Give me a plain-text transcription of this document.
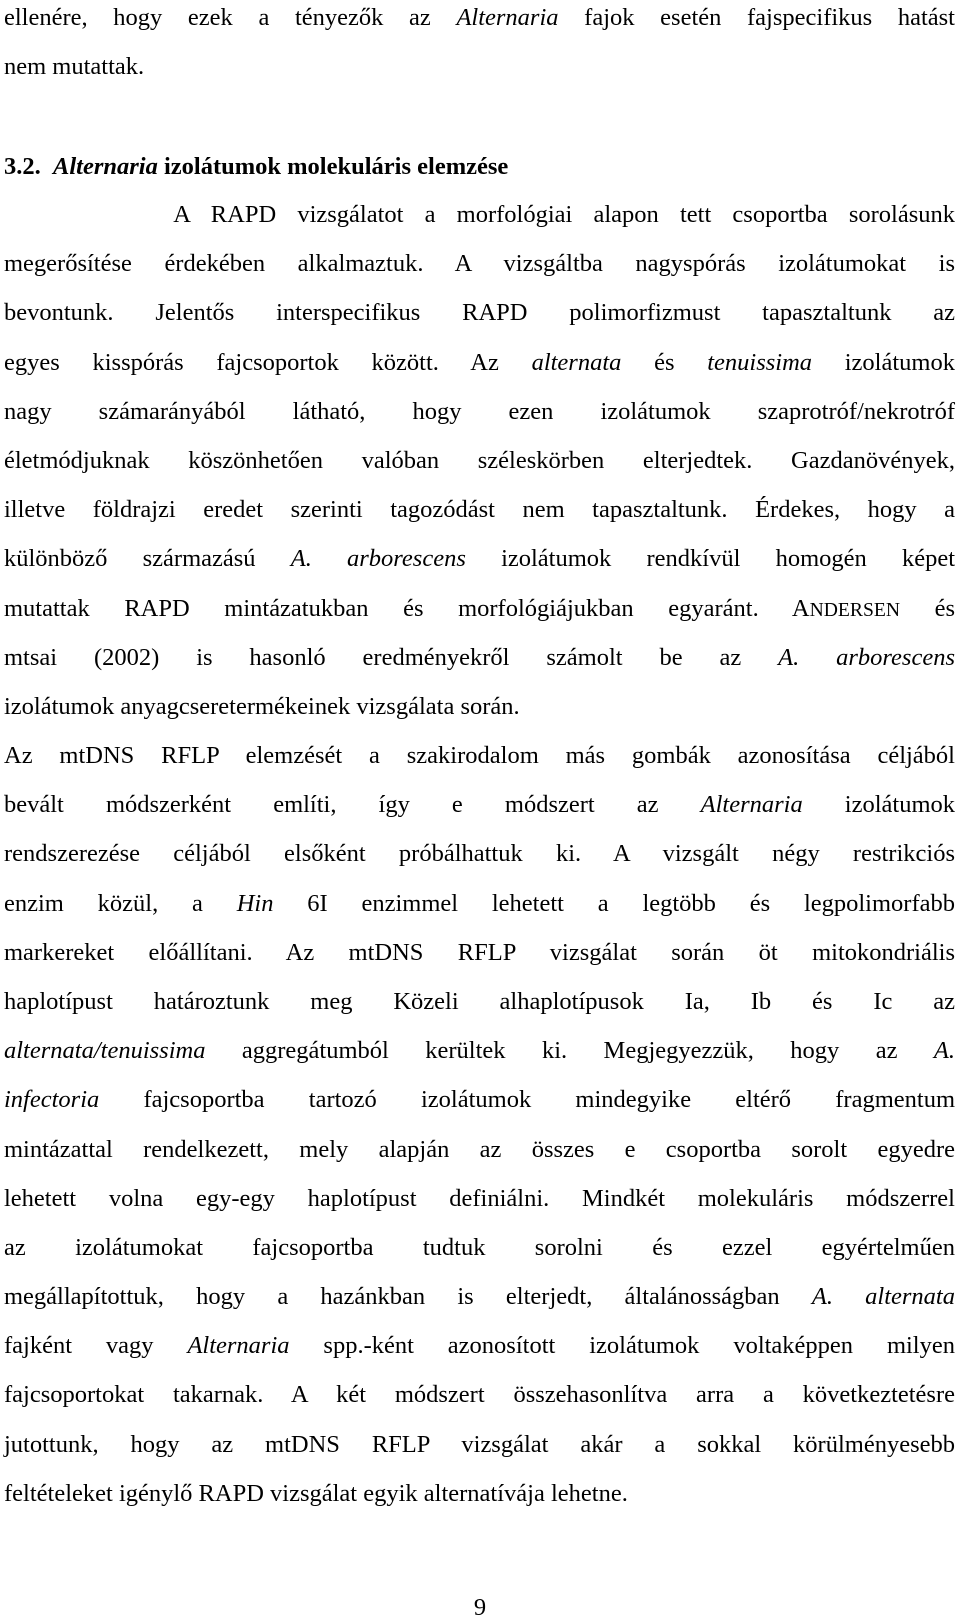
ellenére, hogy ezek a tényezők az Alternaria fajok esetén fajspecifikus hatást
nem mutattak.

3.2. Alternaria izolátumok molekuláris elemzése

A RAPD vizsgálatot a morfológiai alapon tett csoportba sorolásunk
megerősítése érdekében alkalmaztuk. A vizsgáltba nagyspórás izolátumokat is
bevontunk. Jelentős interspecifikus RAPD polimorfizmust tapasztaltunk az
egyes kisspórás fajcsoportok között. Az alternata és tenuissima izolátumok
nagy számarányából látható, hogy ezen izolátumok szaprotróf/nekrotróf
életmódjuknak köszönhetően valóban széleskörben elterjedtek. Gazdanövények,
illetve földrajzi eredet szerinti tagozódást nem tapasztaltunk. Érdekes, hogy a
különböző származású A. arborescens izolátumok rendkívül homogén képet
mutattak RAPD mintázatukban és morfológiájukban egyaránt. ANDERSEN és
mtsai (2002) is hasonló eredményekről számolt be az A. arborescens
izolátumok anyagcseretermékeinek vizsgálata során.
Az mtDNS RFLP elemzését a szakirodalom más gombák azonosítása céljából
bevált módszerként említi, így e módszert az Alternaria izolátumok
rendszerezése céljából elsőként próbálhattuk ki. A vizsgált négy restrikciós
enzim közül, a Hin 6I enzimmel lehetett a legtöbb és legpolimorfabb
markereket előállítani. Az mtDNS RFLP vizsgálat során öt mitokondriális
haplotípust határoztunk meg Közeli alhaplotípusok Ia, Ib és Ic az
alternata/tenuissima aggregátumból kerültek ki. Megjegyezzük, hogy az A.
infectoria fajcsoportba tartozó izolátumok mindegyike eltérő fragmentum
mintázattal rendelkezett, mely alapján az összes e csoportba sorolt egyedre
lehetett volna egy-egy haplotípust definiálni. Mindkét molekuláris módszerrel
az izolátumokat fajcsoportba tudtuk sorolni és ezzel egyértelműen
megállapítottuk, hogy a hazánkban is elterjedt, általánosságban A. alternata
fajként vagy Alternaria spp.-ként azonosított izolátumok voltaképpen milyen
fajcsoportokat takarnak. A két módszert összehasonlítva arra a következtetésre
jutottunk, hogy az mtDNS RFLP vizsgálat akár a sokkal körülményesebb
feltételeket igénylő RAPD vizsgálat egyik alternatívája lehetne.

9
